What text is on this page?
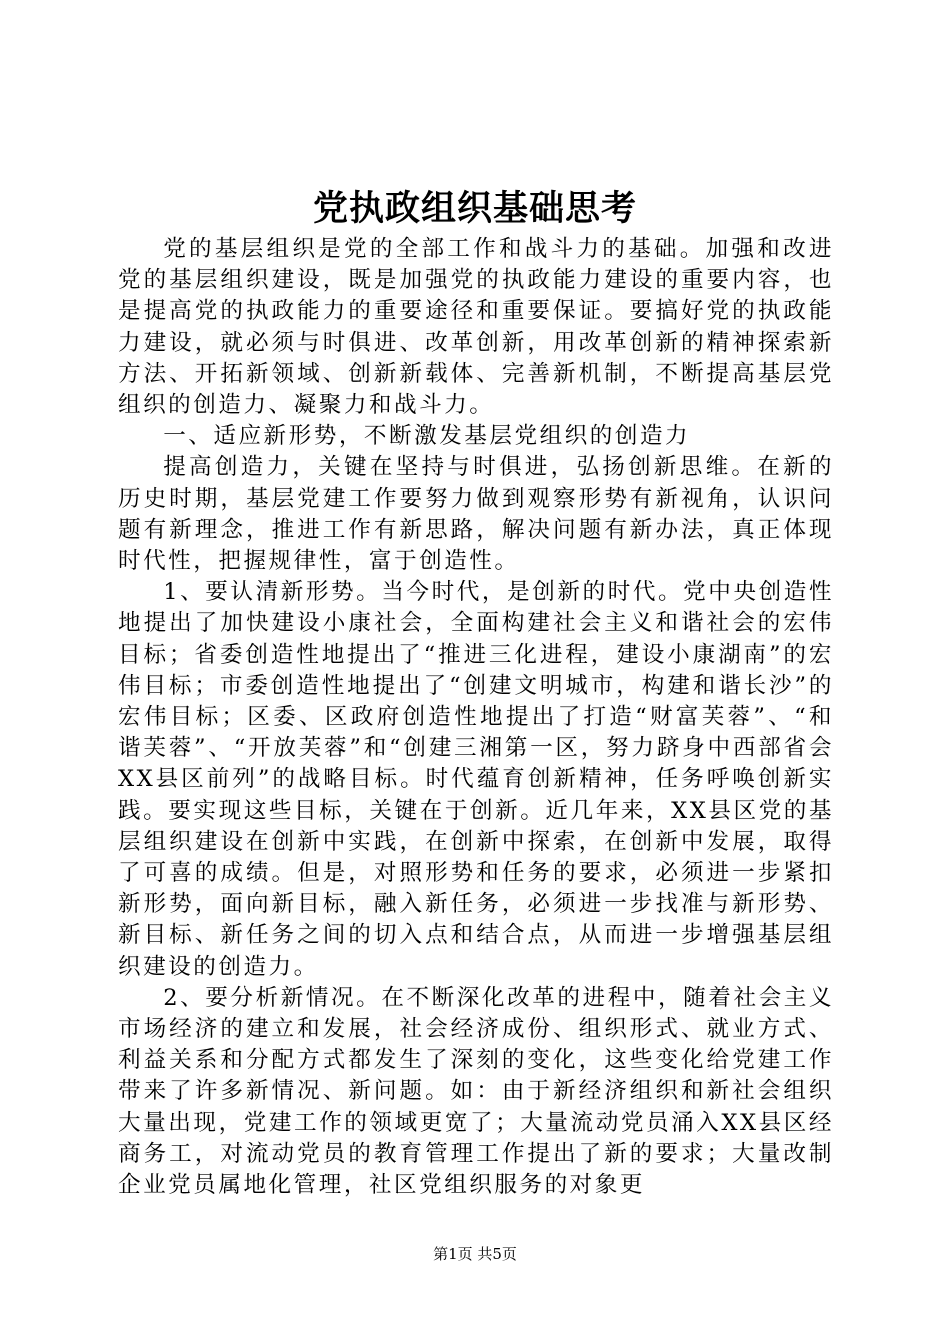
党执政组织基础思考

党的基层组织是党的全部工作和战斗力的基础。加强和改进党的基层组织建设，既是加强党的执政能力建设的重要内容，也是提高党的执政能力的重要途径和重要保证。要搞好党的执政能力建设，就必须与时俱进、改革创新，用改革创新的精神探索新方法、开拓新领域、创新新载体、完善新机制，不断提高基层党组织的创造力、凝聚力和战斗力。

一、适应新形势，不断激发基层党组织的创造力

提高创造力，关键在坚持与时俱进，弘扬创新思维。在新的历史时期，基层党建工作要努力做到观察形势有新视角，认识问题有新理念，推进工作有新思路，解决问题有新办法，真正体现时代性，把握规律性，富于创造性。

1、要认清新形势。当今时代，是创新的时代。党中央创造性地提出了加快建设小康社会，全面构建社会主义和谐社会的宏伟目标；省委创造性地提出了“推进三化进程，建设小康湖南”的宏伟目标；市委创造性地提出了“创建文明城市，构建和谐长沙”的宏伟目标；区委、区政府创造性地提出了打造“财富芙蓉”、“和谐芙蓉”、“开放芙蓉”和“创建三湘第一区，努力跻身中西部省会XX县区前列”的战略目标。时代蕴育创新精神，任务呼唤创新实践。要实现这些目标，关键在于创新。近几年来，XX县区党的基层组织建设在创新中实践，在创新中探索，在创新中发展，取得了可喜的成绩。但是，对照形势和任务的要求，必须进一步紧扣新形势，面向新目标，融入新任务，必须进一步找准与新形势、新目标、新任务之间的切入点和结合点，从而进一步增强基层组织建设的创造力。

2、要分析新情况。在不断深化改革的进程中，随着社会主义市场经济的建立和发展，社会经济成份、组织形式、就业方式、利益关系和分配方式都发生了深刻的变化，这些变化给党建工作带来了许多新情况、新问题。如：由于新经济组织和新社会组织大量出现，党建工作的领域更宽了；大量流动党员涌入XX县区经商务工，对流动党员的教育管理工作提出了新的要求；大量改制企业党员属地化管理，社区党组织服务的对象更

第1页 共5页
